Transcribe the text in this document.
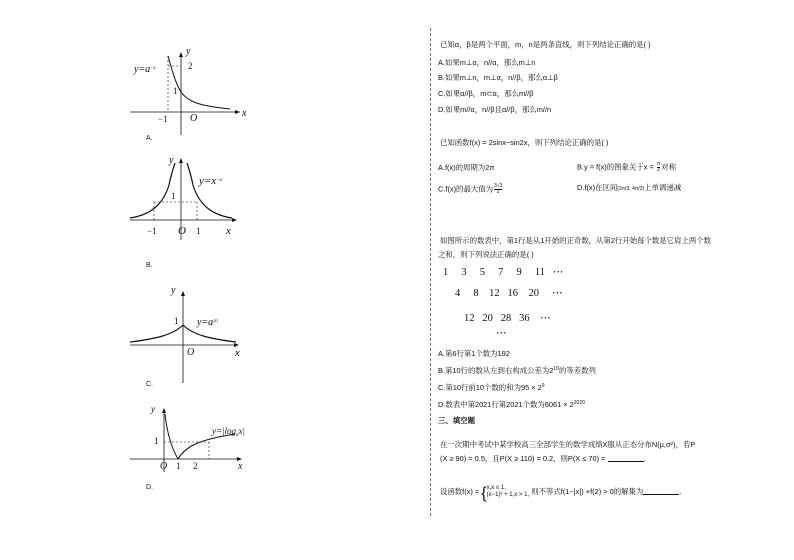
$y=a^{-x}$
y
x
2
1
−1 O
A.
$y=x^{-a}$
y
x
1
−1	1
O
B.
$y=a^{|x|}$
y
x
1
O
C.
$y=|\log_ax|$
y
x
1
1 2
O
D.
已知α，β是两个平面，m，n是两条直线，则下列结论正确的是( )
A.如果m⊥α，n//α，那么m⊥n
B.如果m⊥n，m⊥α，n//β，那么α⊥β
C.如果α//β，m⊂α，那么m//β
D.如果m//α，n//β且α//β，那么m//n
已知函数f(x) = 2sinx−sin2x，则下列结论正确的是( )
A.f(x)的周期为2π	B.y = f(x)的图象关于$x = \frac{\pi}{2}$ 对称
C.f(x)的最大值为 $\frac{3√3}{2}$	D.f(x)在区间(2π/3, 4π/3)上单调递减
如图所示的数表中，第1行是从1开始的正奇数，从第2行开始每个数是它肩上两个数
之和，则下列说法正确的是( )
1     3     5     7     9     11   ⋯
4     8    12   16    20     ⋯
12   20   28   36    ⋯
⋯
A.第6行第1个数为192
B.第10行的数从左到右构成公差为$2^{10}$的等差数列
C.第10行前10个数的和为$95 \times 2^9$
D.数表中第2021行第2021个数为$6061 \times 2^{2020}$
三、填空题
在一次期中考试中某学校高三全部学生的数学成绩X服从正态分布N(μ,σ²)，若P
(X ≥ 90) = 0.5，且P(X ≥ 110) = 0.2，则P(X ≤ 70) =	.
设函数f(x) = { x,x ≤ 1,
(x−1)² + 1,x > 1, 则不等式f(1−|x|) +f(2) > 0的解集为	.
